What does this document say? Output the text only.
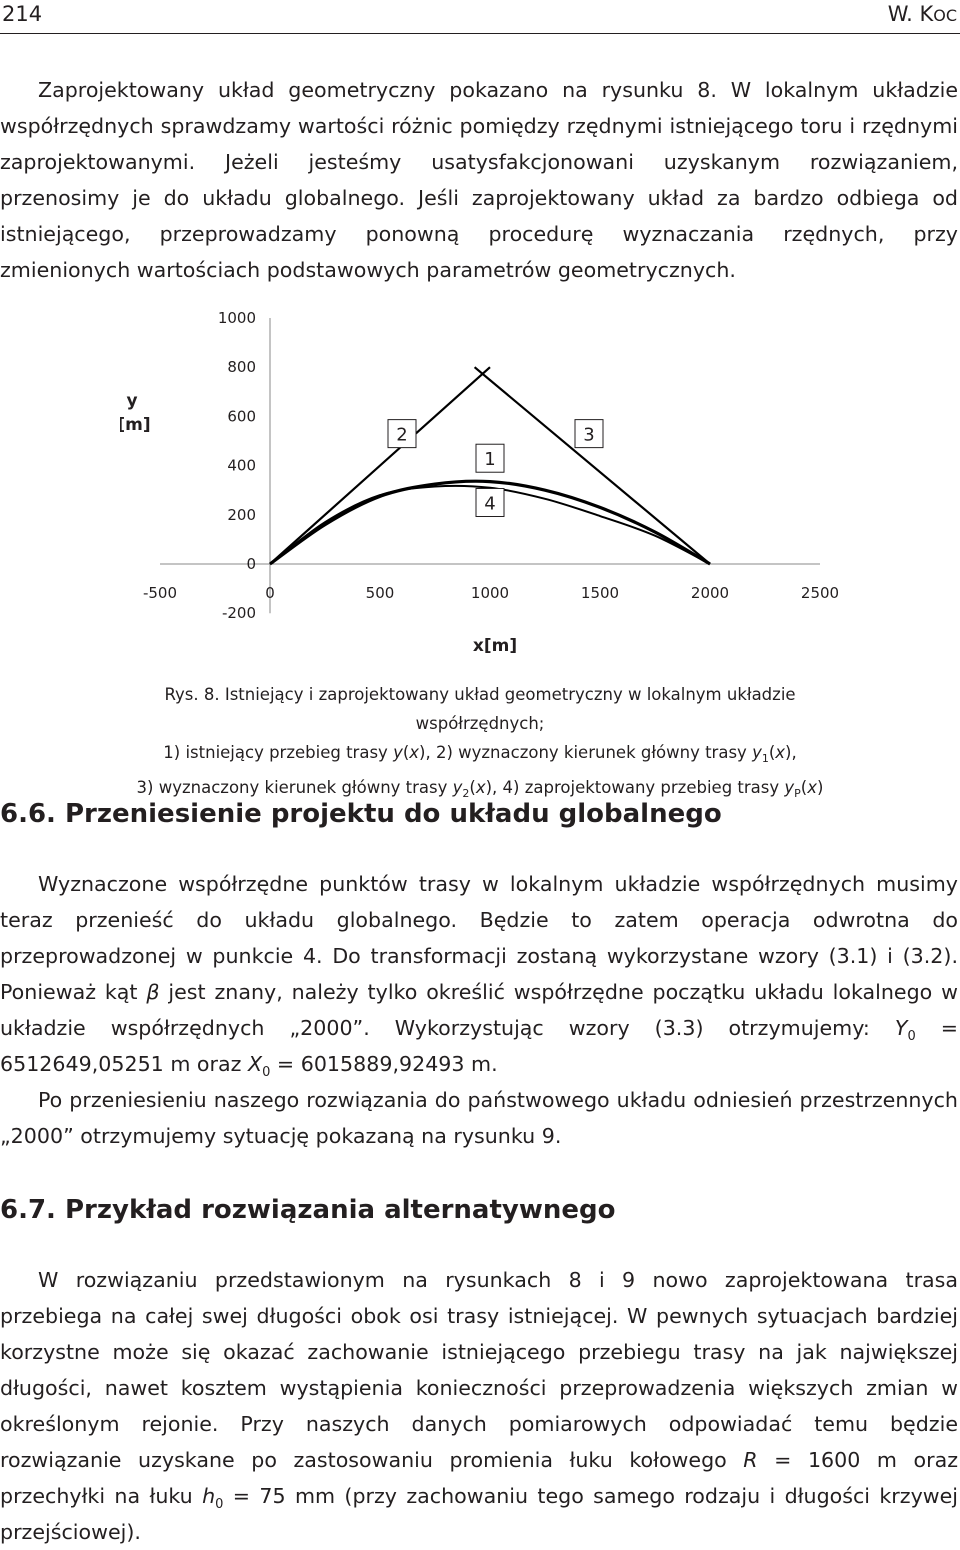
214	W. KOC

Zaprojektowany układ geometryczny pokazano na rysunku 8. W lokalnym układzie współrzędnych sprawdzamy wartości różnic pomiędzy rzędnymi istniejącego toru i rzędnymi zaprojektowanymi. Jeżeli jesteśmy usatysfakcjonowani uzyskanym rozwiązaniem, przenosimy je do układu globalnego. Jeśli zaprojektowany układ za bardzo odbiega od istniejącego, przeprowadzamy ponowną procedurę wyznaczania rzędnych, przy zmienionych wartościach podstawowych parametrów geometrycznych.

-200
0
200
400
600
800
1000
-500	0	500	1000	1500	2000	2500
2	3
1
4
y
[m]
x[m]
Rys. 8. Istniejący i zaprojektowany układ geometryczny w lokalnym układzie współrzędnych;
1) istniejący przebieg trasy y(x), 2) wyznaczony kierunek główny trasy $y_1(x)$,
3) wyznaczony kierunek główny trasy $y_2(x)$, 4) zaprojektowany przebieg trasy $y_P(x)$
6.6. Przeniesienie projektu do układu globalnego

Wyznaczone współrzędne punktów trasy w lokalnym układzie współrzędnych musimy teraz przenieść do układu globalnego. Będzie to zatem operacja odwrotna do przeprowadzonej w punkcie 4. Do transformacji zostaną wykorzystane wzory (3.1) i (3.2). Ponieważ kąt β jest znany, należy tylko określić współrzędne początku układu lokalnego w układzie współrzędnych „2000”. Wykorzystując wzory (3.3) otrzymujemy: $Y_0 = 6512649,05251$ m oraz $X_0 = 6015889,92493$ m.

Po przeniesieniu naszego rozwiązania do państwowego układu odniesień przestrzennych „2000” otrzymujemy sytuację pokazaną na rysunku 9.

6.7. Przykład rozwiązania alternatywnego

W rozwiązaniu przedstawionym na rysunkach 8 i 9 nowo zaprojektowana trasa przebiega na całej swej długości obok osi trasy istniejącej. W pewnych sytuacjach bardziej korzystne może się okazać zachowanie istniejącego przebiegu trasy na jak największej długości, nawet kosztem wystąpienia konieczności przeprowadzenia większych zmian w określonym rejonie. Przy naszych danych pomiarowych odpowiadać temu będzie rozwiązanie uzyskane po zastosowaniu promienia łuku kołowego R = 1600 m oraz przechyłki na łuku $h_0 = 75$ mm (przy zachowaniu tego samego rodzaju i długości krzywej przejściowej).
